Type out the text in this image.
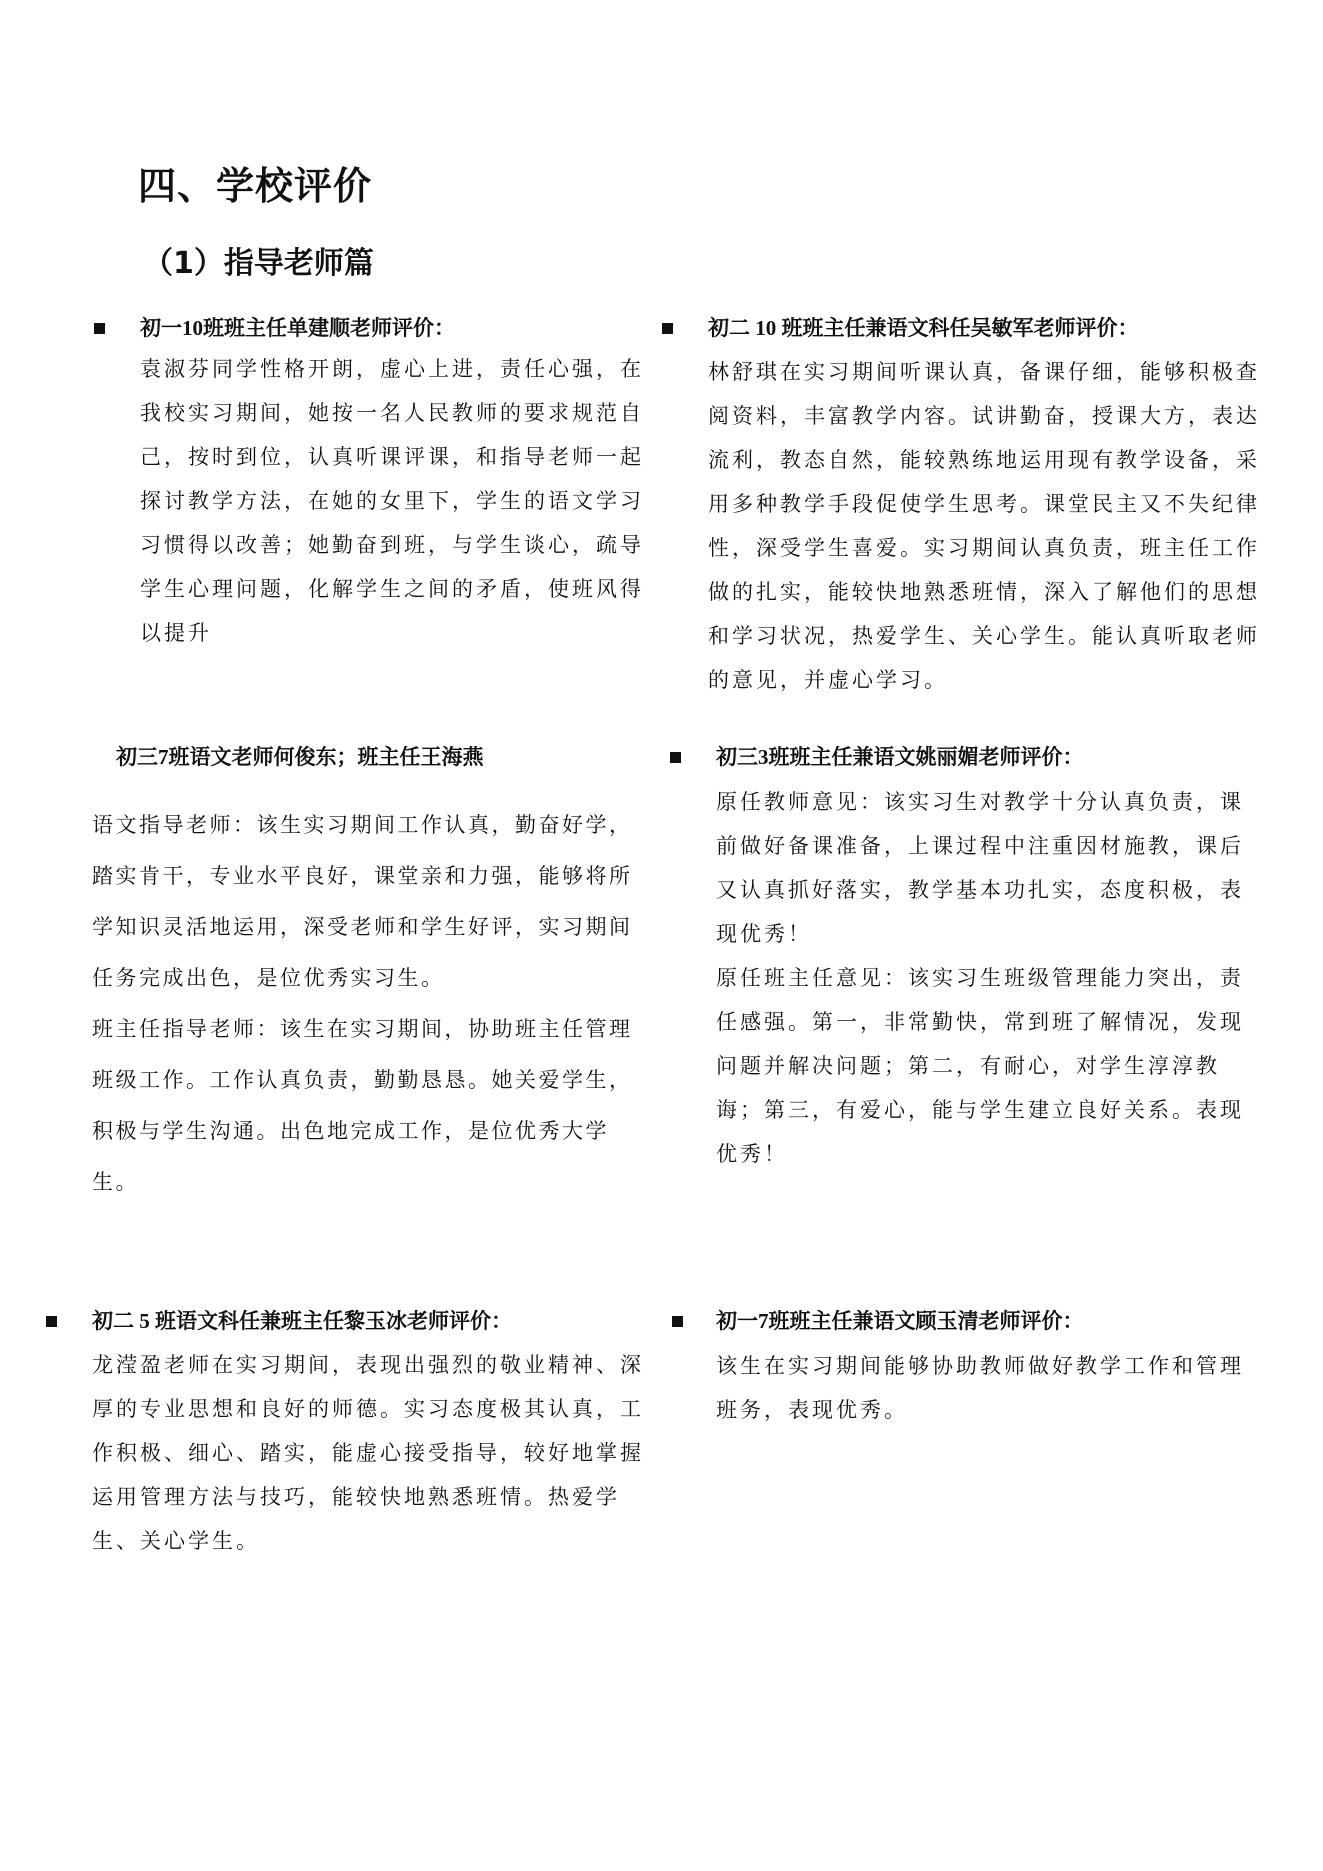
四、学校评价
（1）指导老师篇
初一10班班主任单建顺老师评价：
袁淑芬同学性格开朗，虚心上进，责任心强，在我校实习期间，她按一名人民教师的要求规范自己，按时到位，认真听课评课，和指导老师一起探讨教学方法，在她的女里下，学生的语文学习习惯得以改善；她勤奋到班，与学生谈心，疏导学生心理问题，化解学生之间的矛盾，使班风得以提升
初二 10 班班主任兼语文科任吴敏军老师评价：
林舒琪在实习期间听课认真，备课仔细，能够积极查阅资料，丰富教学内容。试讲勤奋，授课大方，表达流利，教态自然，能较熟练地运用现有教学设备，采用多种教学手段促使学生思考。课堂民主又不失纪律性，深受学生喜爱。实习期间认真负责，班主任工作做的扎实，能较快地熟悉班情，深入了解他们的思想和学习状况，热爱学生、关心学生。能认真听取老师的意见，并虚心学习。
初三7班语文老师何俊东；班主任王海燕
语文指导老师：该生实习期间工作认真，勤奋好学，踏实肯干，专业水平良好，课堂亲和力强，能够将所学知识灵活地运用，深受老师和学生好评，实习期间任务完成出色，是位优秀实习生。
班主任指导老师：该生在实习期间，协助班主任管理班级工作。工作认真负责，勤勤恳恳。她关爱学生，积极与学生沟通。出色地完成工作，是位优秀大学生。
初三3班班主任兼语文姚丽媚老师评价：
原任教师意见：该实习生对教学十分认真负责，课前做好备课准备，上课过程中注重因材施教，课后又认真抓好落实，教学基本功扎实，态度积极，表现优秀！
原任班主任意见：该实习生班级管理能力突出，责任感强。第一，非常勤快，常到班了解情况，发现问题并解决问题；第二，有耐心，对学生淳淳教诲；第三，有爱心，能与学生建立良好关系。表现优秀！
初二 5 班语文科任兼班主任黎玉冰老师评价：
龙滢盈老师在实习期间，表现出强烈的敬业精神、深厚的专业思想和良好的师德。实习态度极其认真，工作积极、细心、踏实，能虚心接受指导，较好地掌握运用管理方法与技巧，能较快地熟悉班情。热爱学生、关心学生。
初一7班班主任兼语文顾玉清老师评价：
该生在实习期间能够协助教师做好教学工作和管理班务，表现优秀。
